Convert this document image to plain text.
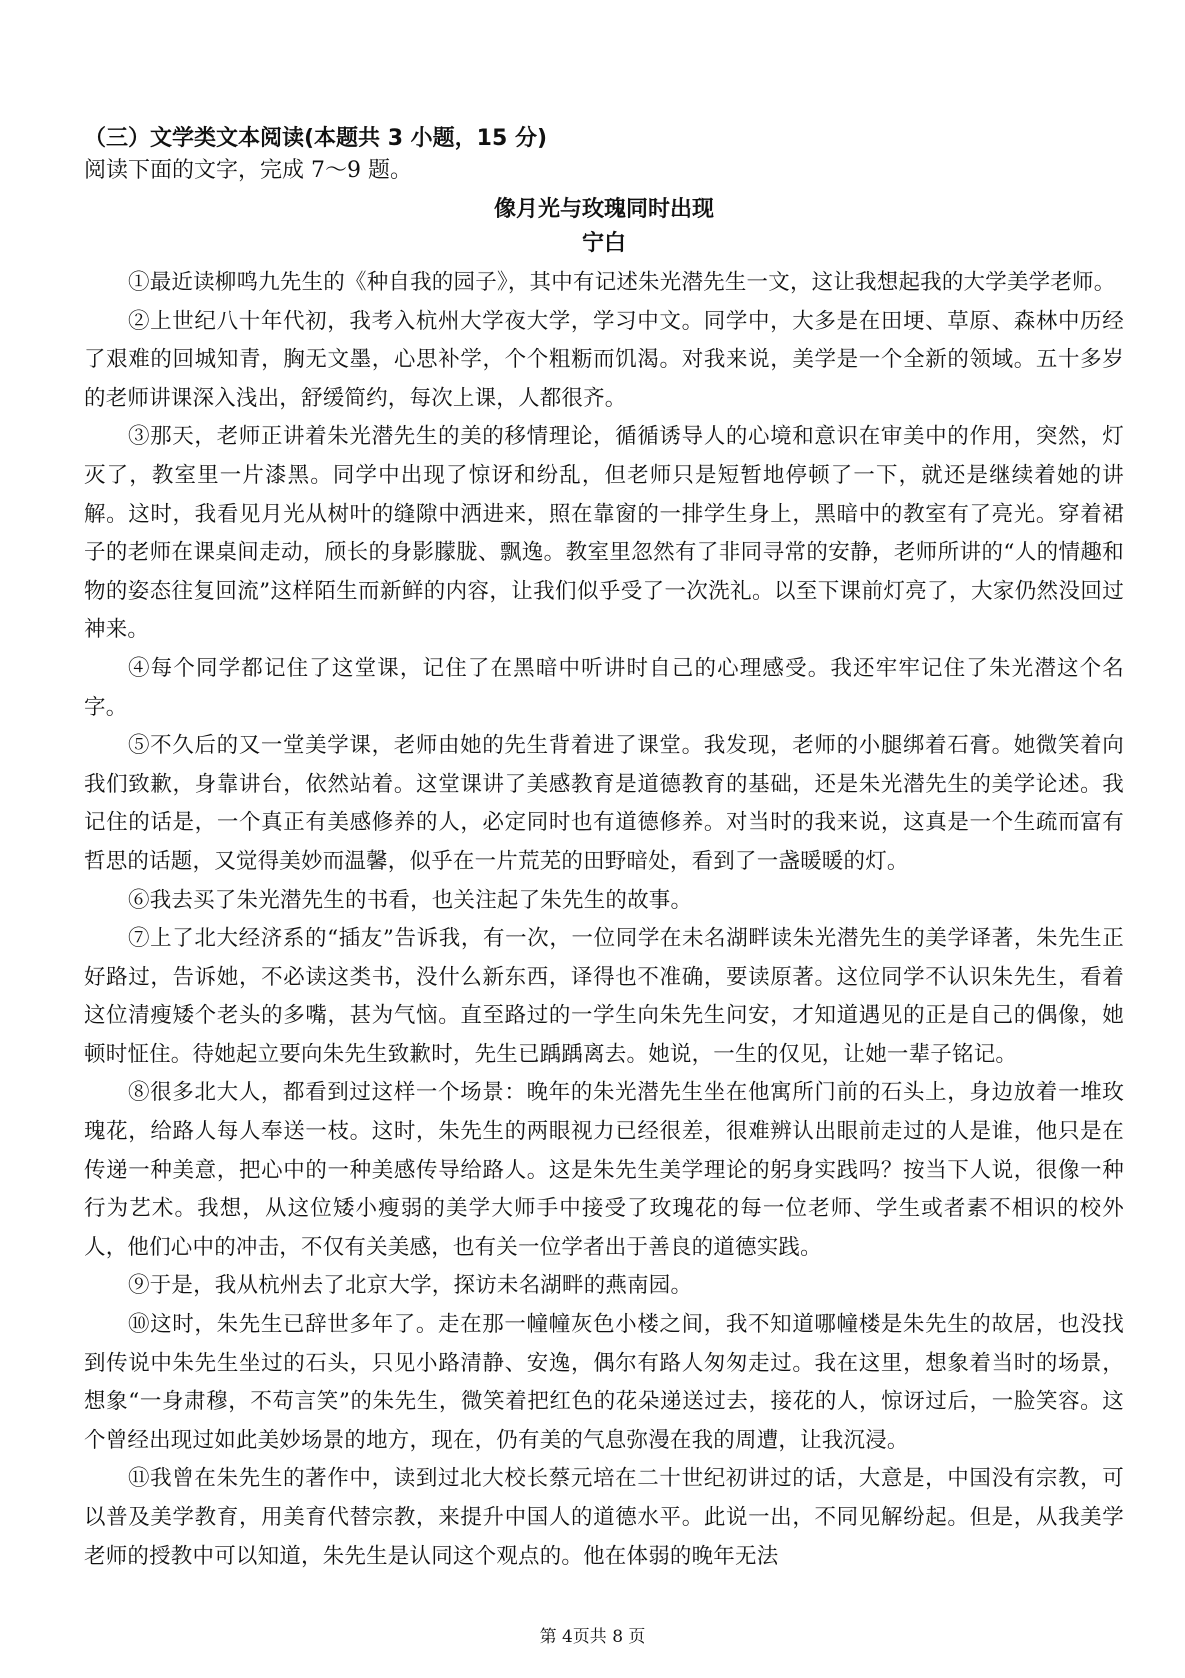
（三）文学类文本阅读(本题共 3 小题，15 分)

阅读下面的文字，完成 7～9 题。

像月光与玫瑰同时出现

宁白

①最近读柳鸣九先生的《种自我的园子》，其中有记述朱光潜先生一文，这让我想起我的大学美学老师。

②上世纪八十年代初，我考入杭州大学夜大学，学习中文。同学中，大多是在田埂、草原、森林中历经了艰难的回城知青，胸无文墨，心思补学，个个粗粝而饥渴。对我来说，美学是一个全新的领域。五十多岁的老师讲课深入浅出，舒缓简约，每次上课，人都很齐。

③那天，老师正讲着朱光潜先生的美的移情理论，循循诱导人的心境和意识在审美中的作用，突然，灯灭了，教室里一片漆黑。同学中出现了惊讶和纷乱，但老师只是短暂地停顿了一下，就还是继续着她的讲解。这时，我看见月光从树叶的缝隙中洒进来，照在靠窗的一排学生身上，黑暗中的教室有了亮光。穿着裙子的老师在课桌间走动，颀长的身影朦胧、飘逸。教室里忽然有了非同寻常的安静，老师所讲的“人的情趣和物的姿态往复回流”这样陌生而新鲜的内容，让我们似乎受了一次洗礼。以至下课前灯亮了，大家仍然没回过神来。

④每个同学都记住了这堂课，记住了在黑暗中听讲时自己的心理感受。我还牢牢记住了朱光潜这个名字。

⑤不久后的又一堂美学课，老师由她的先生背着进了课堂。我发现，老师的小腿绑着石膏。她微笑着向我们致歉，身靠讲台，依然站着。这堂课讲了美感教育是道德教育的基础，还是朱光潜先生的美学论述。我记住的话是，一个真正有美感修养的人，必定同时也有道德修养。对当时的我来说，这真是一个生疏而富有哲思的话题，又觉得美妙而温馨，似乎在一片荒芜的田野暗处，看到了一盏暖暖的灯。

⑥我去买了朱光潜先生的书看，也关注起了朱先生的故事。

⑦上了北大经济系的“插友”告诉我，有一次，一位同学在未名湖畔读朱光潜先生的美学译著，朱先生正好路过，告诉她，不必读这类书，没什么新东西，译得也不准确，要读原著。这位同学不认识朱先生，看着这位清瘦矮个老头的多嘴，甚为气恼。直至路过的一学生向朱先生问安，才知道遇见的正是自己的偶像，她顿时怔住。待她起立要向朱先生致歉时，先生已踽踽离去。她说，一生的仅见，让她一辈子铭记。

⑧很多北大人，都看到过这样一个场景：晚年的朱光潜先生坐在他寓所门前的石头上，身边放着一堆玫瑰花，给路人每人奉送一枝。这时，朱先生的两眼视力已经很差，很难辨认出眼前走过的人是谁，他只是在传递一种美意，把心中的一种美感传导给路人。这是朱先生美学理论的躬身实践吗？按当下人说，很像一种行为艺术。我想，从这位矮小瘦弱的美学大师手中接受了玫瑰花的每一位老师、学生或者素不相识的校外人，他们心中的冲击，不仅有关美感，也有关一位学者出于善良的道德实践。

⑨于是，我从杭州去了北京大学，探访未名湖畔的燕南园。

⑩这时，朱先生已辞世多年了。走在那一幢幢灰色小楼之间，我不知道哪幢楼是朱先生的故居，也没找到传说中朱先生坐过的石头，只见小路清静、安逸，偶尔有路人匆匆走过。我在这里，想象着当时的场景，想象“一身肃穆，不苟言笑”的朱先生，微笑着把红色的花朵递送过去，接花的人，惊讶过后，一脸笑容。这个曾经出现过如此美妙场景的地方，现在，仍有美的气息弥漫在我的周遭，让我沉浸。

⑪我曾在朱先生的著作中，读到过北大校长蔡元培在二十世纪初讲过的话，大意是，中国没有宗教，可以普及美学教育，用美育代替宗教，来提升中国人的道德水平。此说一出，不同见解纷起。但是，从我美学老师的授教中可以知道，朱先生是认同这个观点的。他在体弱的晚年无法

第 4页共 8 页
